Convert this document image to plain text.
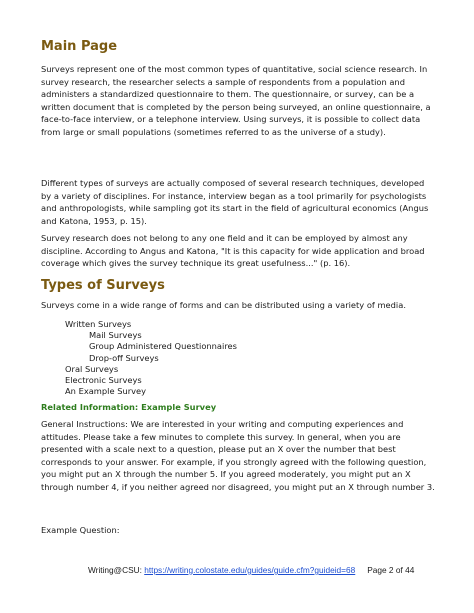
Main Page

Surveys represent one of the most common types of quantitative, social science research. In survey research, the researcher selects a sample of respondents from a population and administers a standardized questionnaire to them. The questionnaire, or survey, can be a written document that is completed by the person being surveyed, an online questionnaire, a face-to-face interview, or a telephone interview. Using surveys, it is possible to collect data from large or small populations (sometimes referred to as the universe of a study).

Different types of surveys are actually composed of several research techniques, developed by a variety of disciplines. For instance, interview began as a tool primarily for psychologists and anthropologists, while sampling got its start in the field of agricultural economics (Angus and Katona, 1953, p. 15).

Survey research does not belong to any one field and it can be employed by almost any discipline. According to Angus and Katona, "It is this capacity for wide application and broad coverage which gives the survey technique its great usefulness..." (p. 16).

Types of Surveys

Surveys come in a wide range of forms and can be distributed using a variety of media.

Written Surveys
Mail Surveys
Group Administered Questionnaires
Drop-off Surveys
Oral Surveys
Electronic Surveys
An Example Survey
Related Information: Example Survey

General Instructions: We are interested in your writing and computing experiences and attitudes. Please take a few minutes to complete this survey. In general, when you are presented with a scale next to a question, please put an X over the number that best corresponds to your answer. For example, if you strongly agreed with the following question, you might put an X through the number 5. If you agreed moderately, you might put an X through number 4, if you neither agreed nor disagreed, you might put an X through number 3.

Example Question:

Writing@CSU: https://writing.colostate.edu/guides/guide.cfm?guideid=68 Page 2 of 44
